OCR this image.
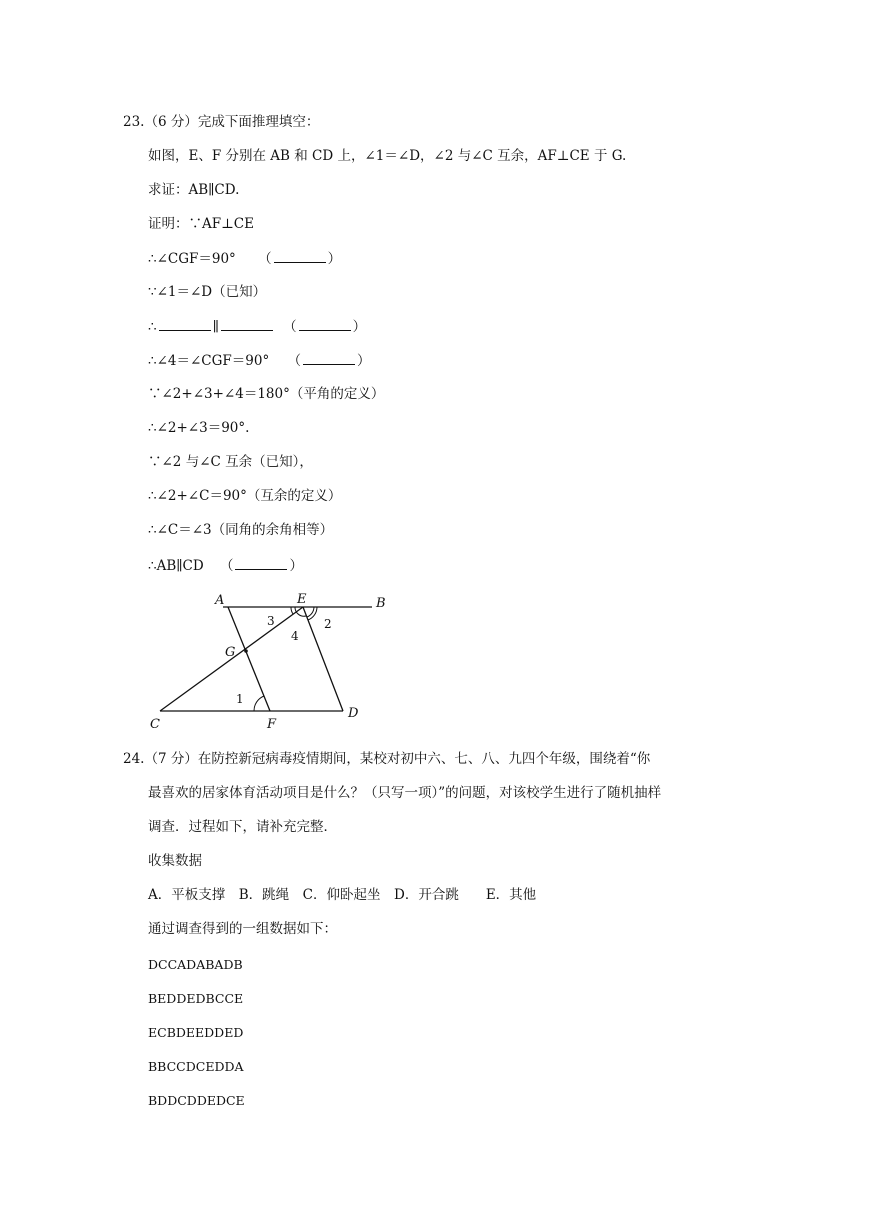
23.（6 分）完成下面推理填空：
如图，E、F 分别在 AB 和 CD 上，∠1＝∠D，∠2 与∠C 互余，AF⊥CE 于 G.
求证：AB∥CD.
证明：∵AF⊥CE
∴∠CGF＝90° （	）
∵∠1＝∠D（已知）
∴	∥	（	）
∴∠4＝∠CGF＝90° （	）
∵∠2+∠3+∠4＝180°（平角的定义）
∴∠2+∠3＝90°.
∵∠2 与∠C 互余（已知），
∴∠2+∠C＝90°（互余的定义）
∴∠C＝∠3（同角的余角相等）
∴AB∥CD （	）
A	E	B
G
C	F
D
1
2
3
4
24.（7 分）在防控新冠病毒疫情期间，某校对初中六、七、八、九四个年级，围绕着“你
最喜欢的居家体育活动项目是什么？（只写一项）”的问题，对该校学生进行了随机抽样
调查．过程如下，请补充完整．
收集数据
A．平板支撑　B．跳绳　C．仰卧起坐　D．开合跳　　E．其他
通过调查得到的一组数据如下：
DCCADABADB
BEDDEDBCCE
ECBDEEDDED
BBCCDCEDDA
BDDCDDEDCE
